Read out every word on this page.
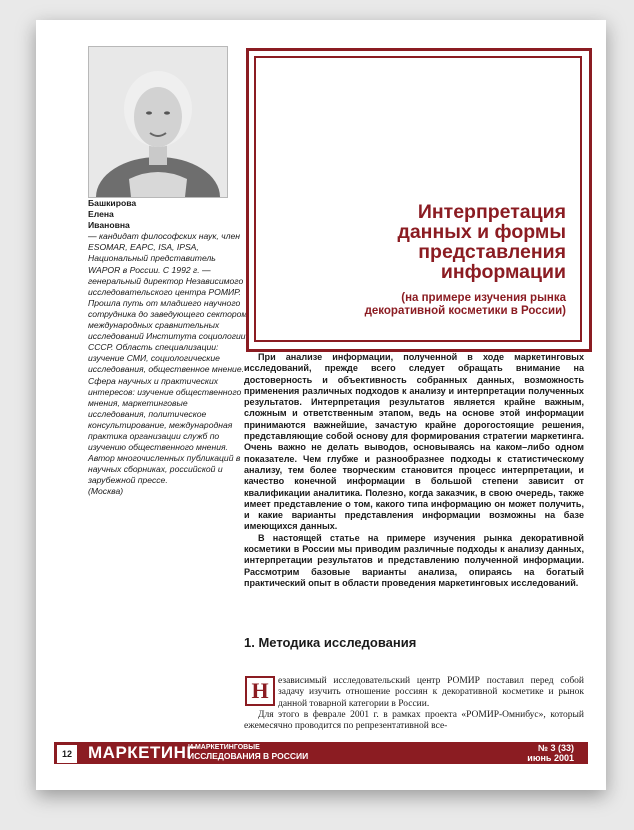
Башкирова
Елена
Ивановна
— кандидат философских наук, член ESOMAR, EAPC, ISA, IPSA, Национальный представитель WAPOR в России. С 1992 г. — генеральный директор Независимого исследовательского центра РОМИР. Прошла путь от младшего научного сотрудника до заведующего сектором международных сравнительных исследований Института социологии СССР. Область специализации: изучение СМИ, социологические исследования, общественное мнение. Сфера научных и практических интересов: изучение общественного мнения, маркетинговые исследования, политическое консультирование, международная практика организации служб по изучению общественного мнения. Автор многочисленных публикаций в научных сборниках, российской и зарубежной прессе.
(Москва)
Интерпретация
данных и формы
представления
информации
(на примере изучения рынка
декоративной косметики в России)

При анализе информации, полученной в ходе маркетинговых исследований, прежде всего следует обращать внимание на достоверность и объективность собранных данных, возможность применения различных подходов к анализу и интерпретации полученных результатов. Интерпретация результатов является крайне важным, сложным и ответственным этапом, ведь на основе этой информации принимаются важнейшие, зачастую крайне дорогостоящие решения, представляющие собой основу для формирования стратегии маркетинга. Очень важно не делать выводов, основываясь на каком–либо одном показателе. Чем глубже и разнообразнее подходы к статистическому анализу, тем более творческим становится процесс интерпретации, и качество конечной информации в большой степени зависит от квалификации аналитика. Полезно, когда заказчик, в свою очередь, также имеет представление о том, какого типа информацию он может получить, и какие варианты представления информации возможны на базе имеющихся данных.

В настоящей статье на примере изучения рынка декоративной косметики в России мы приводим различные подходы к анализу данных, интерпретации результатов и представлению полученной информации. Рассмотрим базовые варианты анализа, опираясь на богатый практический опыт в области проведения маркетинговых исследований.

1. Методика исследования

езависимый исследовательский центр РОМИР поставил перед собой задачу изучить отношение россиян к декоративной косметике и рынок данной товарной категории в России.

Для этого в феврале 2001 г. в рамках проекта «РОМИР-Омнибус», который ежемесячно проводится по репрезентативной все-

Н
12 МАРКЕТИНГ
И МАРКЕТИНГОВЫЕ
ИССЛЕДОВАНИЯ В РОССИИ
№ 3 (33)
июнь 2001
